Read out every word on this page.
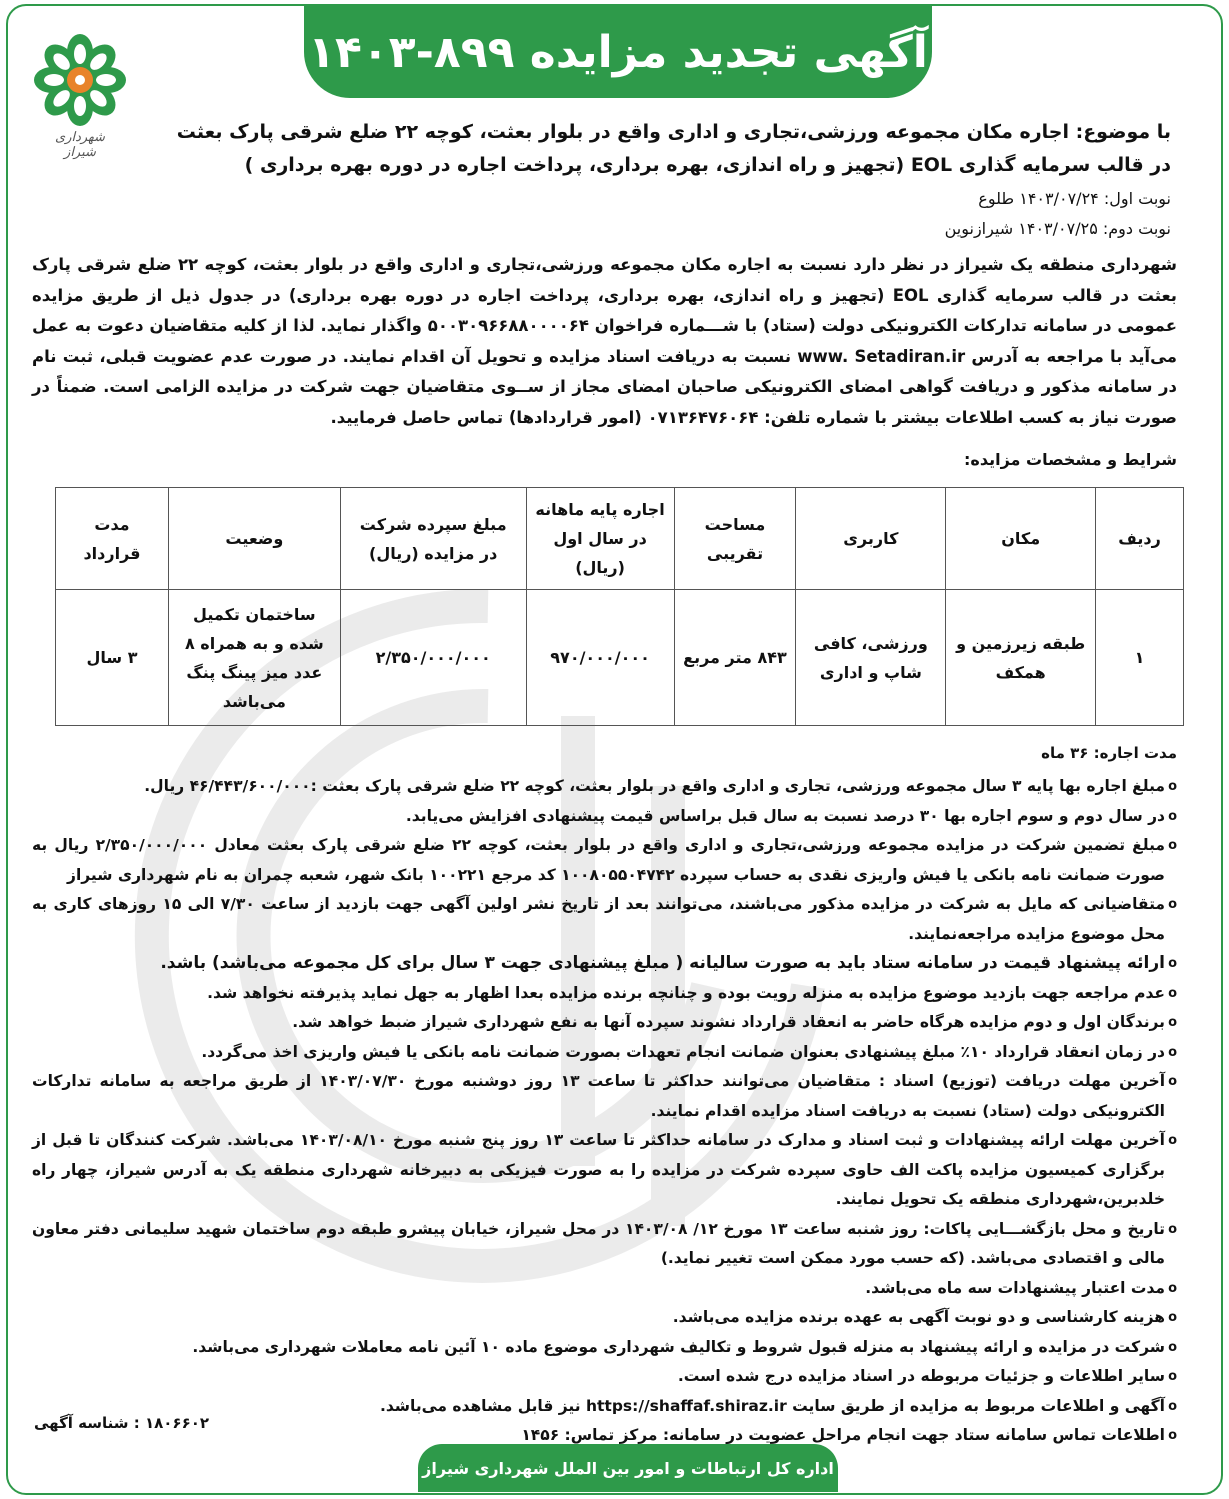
آگهی تجدید مزایده ۸۹۹-۱۴۰۳
شهرداری شیراز
با موضوع: اجاره مکان مجموعه ورزشی،تجاری و اداری واقع در بلوار بعثت، کوچه ۲۲ ضلع شرقی پارک بعثت
در قالب سرمایه گذاری EOL (تجهیز و راه اندازی، بهره برداری، پرداخت اجاره در دوره بهره برداری )
نوبت اول: ۱۴۰۳/۰۷/۲۴ طلوع
نوبت دوم: ۱۴۰۳/۰۷/۲۵ شیرازنوین

شهرداری منطقه یک شیراز در نظر دارد نسبت به اجاره مکان مجموعه ورزشی،تجاری و اداری واقع در بلوار بعثت، کوچه ۲۲ ضلع شرقی پارک بعثت در قالب سرمایه گذاری EOL (تجهیز و راه اندازی، بهره برداری، پرداخت اجاره در دوره بهره برداری) در جدول ذیل از طریق مزایده عمومی در سامانه تدارکات الکترونیکی دولت (ستاد) با شـــماره فراخوان ۵۰۰۳۰۹۶۶۸۸۰۰۰۰۶۴ واگذار نماید. لذا از کلیه متقاضیان دعوت به عمل می‌آید با مراجعه به آدرس www. Setadiran.ir نسبت به دریافت اسناد مزایده و تحویل آن اقدام نمایند. در صورت عدم عضویت قبلی، ثبت نام در سامانه مذکور و دریافت گواهی امضای الکترونیکی صاحبان امضای مجاز از ســوی متقاضیان جهت شرکت در مزایده الزامی است. ضمناً در صورت نیاز به کسب اطلاعات بیشتر با شماره تلفن: ۰۷۱۳۶۴۷۶۰۶۴ (امور قراردادها) تماس حاصل فرمایید.

شرایط و مشخصات مزایده:
ردیف	مکان	کاربری	مساحت تقریبی	اجاره پایه ماهانه در سال اول (ریال)	مبلغ سپرده شرکت در مزایده (ریال)	وضعیت	مدت قرارداد
۱	طبقه زیرزمین و همکف	ورزشی، کافی شاپ و اداری	۸۴۳ متر مربع	۹۷۰/۰۰۰/۰۰۰	۲/۳۵۰/۰۰۰/۰۰۰	ساختمان تکمیل شده و به همراه ۸ عدد میز پینگ پنگ می‌باشد	۳ سال
مدت اجاره: ۳۶ ماه
o مبلغ اجاره بها پایه ۳ سال مجموعه ورزشی، تجاری و اداری واقع در بلوار بعثت، کوچه ۲۲ ضلع شرقی پارک بعثت :۴۶/۴۴۳/۶۰۰/۰۰۰ ریال.
o در سال دوم و سوم اجاره بها ۳۰ درصد نسبت به سال قبل براساس قیمت پیشنهادی افزایش می‌یابد.
o مبلغ تضمین شرکت در مزایده مجموعه ورزشی،تجاری و اداری واقع در بلوار بعثت، کوچه ۲۲ ضلع شرقی پارک بعثت معادل ۲/۳۵۰/۰۰۰/۰۰۰ ریال به صورت ضمانت نامه بانکی یا فیش واریزی نقدی به حساب سپرده ۱۰۰۸۰۵۵۰۴۷۴۲ کد مرجع ۱۰۰۲۲۱ بانک شهر، شعبه چمران به نام شهرداری شیراز
o متقاضیانی که مایل به شرکت در مزایده مذکور می‌باشند، می‌توانند بعد از تاریخ نشر اولین آگهی جهت بازدید از ساعت ۷/۳۰ الی ۱۵ روزهای کاری به محل موضوع مزایده مراجعه‌نمایند.
o ارائه پیشنهاد قیمت در سامانه ستاد باید به صورت سالیانه ( مبلغ پیشنهادی جهت ۳ سال برای کل مجموعه می‌باشد) باشد.
o عدم مراجعه جهت بازدید موضوع مزایده به منزله رویت بوده و چنانچه برنده مزایده بعدا اظهار به جهل نماید پذیرفته نخواهد شد.
o برندگان اول و دوم مزایده هرگاه حاضر به انعقاد قرارداد نشوند سپرده آنها به نفع شهرداری شیراز ضبط خواهد شد.
o در زمان انعقاد قرارداد ۱۰٪ مبلغ پیشنهادی بعنوان ضمانت انجام تعهدات بصورت ضمانت نامه بانکی یا فیش واریزی اخذ می‌گردد.
o آخرین مهلت دریافت (توزیع) اسناد : متقاضیان می‌توانند حداکثر تا ساعت ۱۳ روز دوشنبه مورخ ۱۴۰۳/۰۷/۳۰ از طریق مراجعه به سامانه تدارکات الکترونیکی دولت (ستاد) نسبت به دریافت اسناد مزایده اقدام نمایند.
o آخرین مهلت ارائه پیشنهادات و ثبت اسناد و مدارک در سامانه حداکثر تا ساعت ۱۳ روز پنج شنبه مورخ ۱۴۰۳/۰۸/۱۰ می‌باشد. شرکت کنندگان تا قبل از برگزاری کمیسیون مزایده پاکت الف حاوی سپرده شرکت در مزایده را به صورت فیزیکی به دبیرخانه شهرداری منطقه یک به آدرس شیراز، چهار راه خلدبرین،شهرداری منطقه یک تحویل نمایند.
o تاریخ و محل بازگشـــایی پاکات: روز شنبه ساعت ۱۳ مورخ ۱۲/ ۱۴۰۳/۰۸ در محل شیراز، خیابان پیشرو طبقه دوم ساختمان شهید سلیمانی دفتر معاون مالی و اقتصادی می‌باشد. (که حسب مورد ممکن است تغییر نماید.)
o مدت اعتبار پیشنهادات سه ماه می‌باشد.
o هزینه کارشناسی و دو نوبت آگهی به عهده برنده مزایده می‌باشد.
o شرکت در مزایده و ارائه پیشنهاد به منزله قبول شروط و تکالیف شهرداری موضوع ماده ۱۰ آئین نامه معاملات شهرداری می‌باشد.
o سایر اطلاعات و جزئیات مربوطه در اسناد مزایده درج شده است.
o آگهی و اطلاعات مربوط به مزایده از طریق سایت https://shaffaf.shiraz.ir نیز قابل مشاهده می‌باشد.
o اطلاعات تماس سامانه ستاد جهت انجام مراحل عضویت در سامانه: مرکز تماس: ۱۴۵۶
۱۸۰۶۶۰۲ : شناسه آگهی
اداره کل ارتباطات و امور بین الملل شهرداری شیراز
